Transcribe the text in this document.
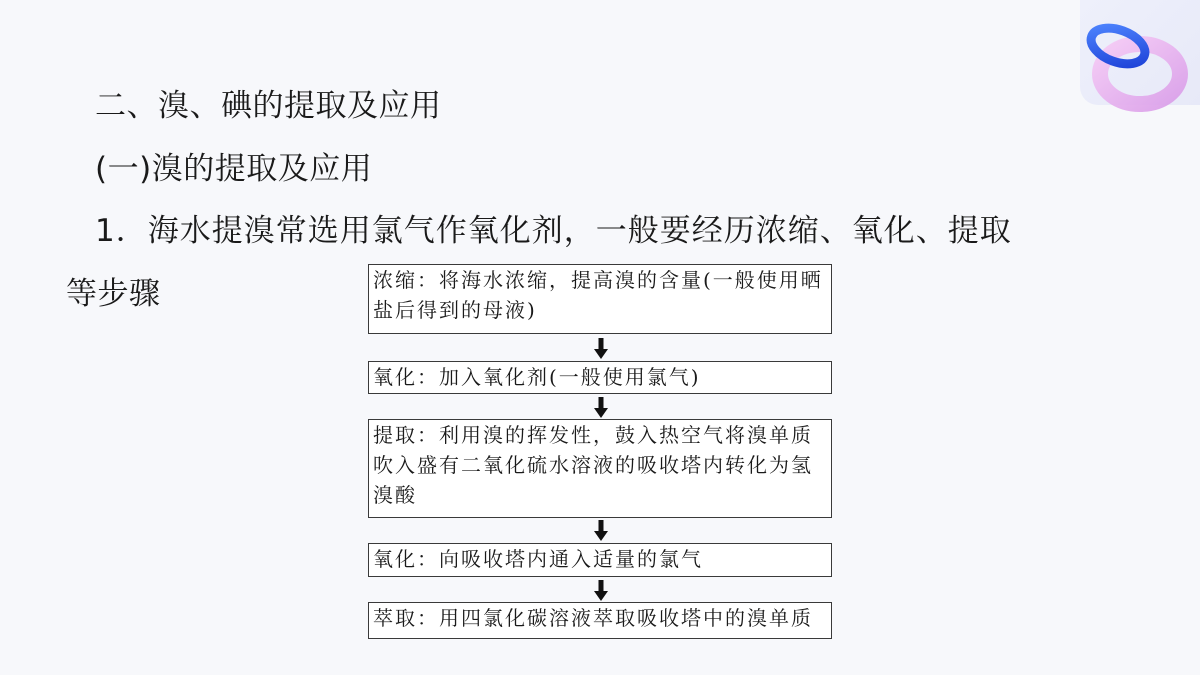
二、溴、碘的提取及应用
(一)溴的提取及应用
1．海水提溴常选用氯气作氧化剂，一般要经历浓缩、氧化、提取
等步骤	浓缩：将海水浓缩，提高溴的含量(一般使用晒盐后得到的母液)
氧化：加入氧化剂(一般使用氯气)
提取：利用溴的挥发性，鼓入热空气将溴单质吹入盛有二氧化硫水溶液的吸收塔内转化为氢溴酸
氧化：向吸收塔内通入适量的氯气
萃取：用四氯化碳溶液萃取吸收塔中的溴单质
